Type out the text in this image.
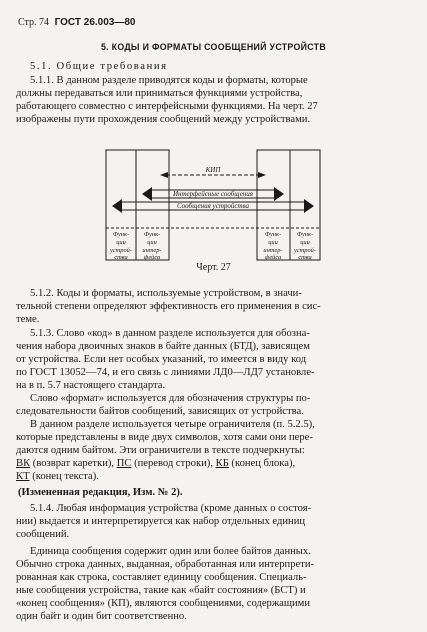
Стр. 74 ГОСТ 26.003—80
5. КОДЫ И ФОРМАТЫ СООБЩЕНИЙ УСТРОЙСТВ
5.1. Общие требования
5.1.1. В данном разделе приводятся коды и форматы, которые
должны передаваться или приниматься функциями устройства,
работающего совместно с интерфейсными функциями. На черт. 27
изображены пути прохождения сообщений между устройствами.
КИП
Интерфейсные сообщения
Сообщения устройства
Функ-
ции
устрой-
ства
Функ-
ции
интер-
фейса
Функ-
ции
интер-
фейса
Функ-
ции
устрой-
ства
Черт. 27
5.1.2. Коды и форматы, используемые устройством, в значи-
тельной степени определяют эффективность его применения в сис-
теме.
5.1.3. Слово «код» в данном разделе используется для обозна-
чения набора двоичных знаков в байте данных (БТД), зависящем
от устройства. Если нет особых указаний, то имеется в виду код
по ГОСТ 13052—74, и его связь с линиями ЛД0—ЛД7 установле-
на в п. 5.7 настоящего стандарта.
Слово «формат» используется для обозначения структуры по-
следовательности байтов сообщений, зависящих от устройства.
В данном разделе используется четыре ограничителя (п. 5.2.5),
которые представлены в виде двух символов, хотя сами они пере-
даются одним байтом. Эти ограничители в тексте подчеркнуты:
ВК (возврат каретки), ПС (перевод строки), КБ (конец блока),
КТ (конец текста).
(Измененная редакция, Изм. № 2).
5.1.4. Любая информация устройства (кроме данных о состоя-
нии) выдается и интерпретируется как набор отдельных единиц
сообщений.
Единица сообщения содержит один или более байтов данных.
Обычно строка данных, выданная, обработанная или интерпрети-
рованная как строка, составляет единицу сообщения. Специаль-
ные сообщения устройства, такие как «байт состояния» (БСТ) и
«конец сообщения» (КП), являются сообщениями, содержащими
один байт и один бит соответственно.
